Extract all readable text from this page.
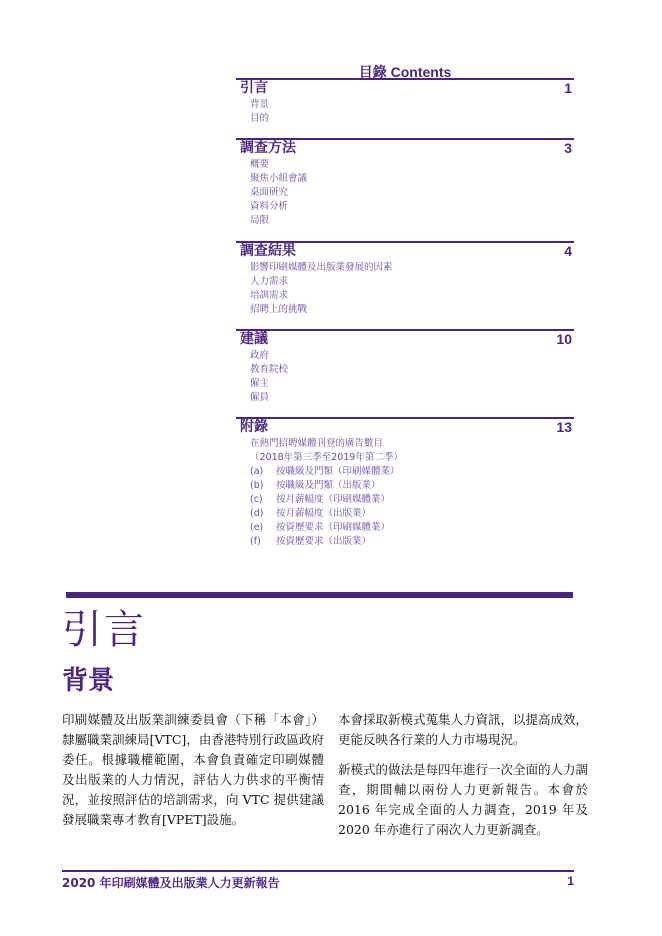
目錄 Contents
引言	1
背景
目的
調查方法	3
概要
聚焦小組會議
桌面研究
資料分析
局限
調查結果	4
影響印刷媒體及出版業發展的因素
人力需求
培訓需求
招聘上的挑戰
建議	10
政府
教育院校
僱主
僱員
附錄	13
在熱門招聘媒體刊登的廣告數目
（2018年第三季至2019年第二季）
(a) 按職級及門類（印刷媒體業）
(b) 按職級及門類（出版業）
(c) 按月薪幅度（印刷媒體業）
(d) 按月薪幅度（出版業）
(e) 按資歷要求（印刷媒體業）
(f) 按資歷要求（出版業）
引言
背景

印刷媒體及出版業訓練委員會（下稱「本會」）隸屬職業訓練局[VTC]，由香港特別行政區政府委任。根據職權範圍，本會負責確定印刷媒體及出版業的人力情況，評估人力供求的平衡情況，並按照評估的培訓需求，向 VTC 提供建議發展職業專才教育[VPET]設施。

本會採取新模式蒐集人力資訊，以提高成效，更能反映各行業的人力市場現況。

新模式的做法是每四年進行一次全面的人力調查，期間輔以兩份人力更新報告。本會於 2016 年完成全面的人力調查，2019 年及 2020 年亦進行了兩次人力更新調查。

2020 年印刷媒體及出版業人力更新報告	1
